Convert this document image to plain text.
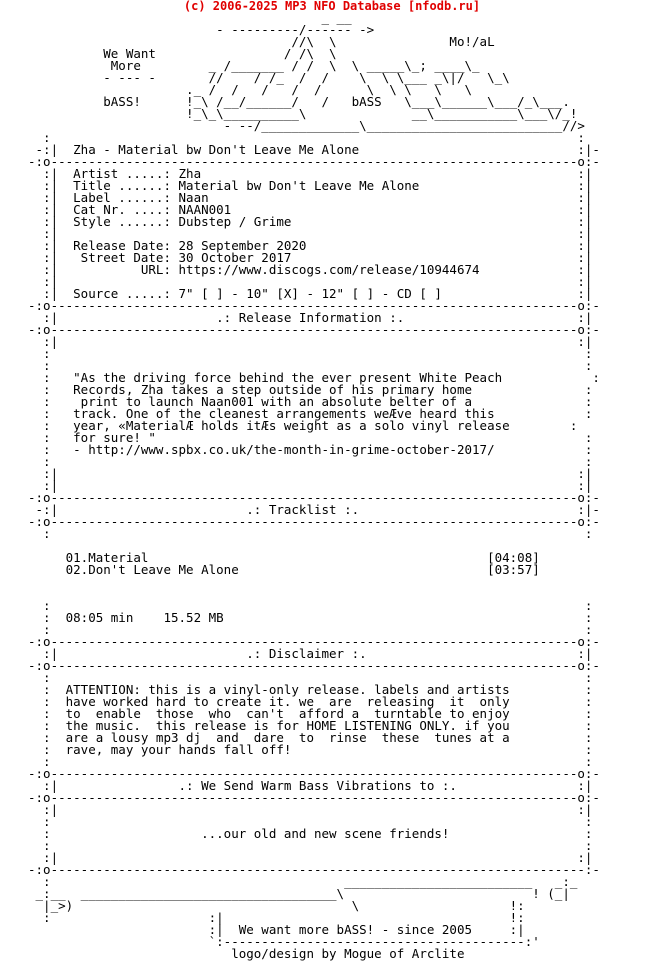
(c) 2006-2025 MP3 NFO Database [nfodb.ru]
_ __
- ---------/------ ->
//\  \               Mo!/aL
We Want                 / /\  \
More         _ /_______ / /  \  \ _____\_; ____\_
- --- -       //    / /_  /  /    \  \ \___ _\|/   \_\
._ /  /   /   /  /      \  \ \   \   \
bASS!      !_\ /__/______/   /   bASS   \___\______\___/_\___.
!_\_\__________\              __\___________\___\/_!
- --/_____________\__________________________//>
:                                                                      :
-:|  Zha - Material bw Don't Leave Me Alone                             :|-
-:o----------------------------------------------------------------------o:-
:|  Artist .....: Zha                                                  :|
:|  Title ......: Material bw Don't Leave Me Alone                     :|
:|  Label ......: Naan                                                 :|
:|  Cat Nr. ....: NAAN001                                              :|
:|  Style ......: Dubstep / Grime                                      :|
:|                                                                     :|
:|  Release Date: 28 September 2020                                    :|
:|   Street Date: 30 October 2017                                      :|
:|           URL: https://www.discogs.com/release/10944674             :|
:|                                                                     :|
:|  Source .....: 7" [ ] - 10" [X] - 12" [ ] - CD [ ]                  :|
-:o----------------------------------------------------------------------o:-
:|                     .: Release Information :.                       :|
-:o----------------------------------------------------------------------o:-
:|                                                                     :|
:                                                                       :
:                                                                       :
:   "As the driving force behind the ever present White Peach            :
:   Records, Zha takes a step outside of his primary home               :
:    print to launch Naan001 with an absolute belter of a               :
:   track. One of the cleanest arrangements weÆve heard this            :
:   year, «MaterialÆ holds itÆs weight as a solo vinyl release        :
:   for sure! "                                                         :
:   - http://www.spbx.co.uk/the-month-in-grime-october-2017/            :
:                                                                       :
:|                                                                     :|
:|                                                                     :|
-:o----------------------------------------------------------------------o:-
-:|                         .: Tracklist :.                             :|-
-:o----------------------------------------------------------------------o:-
:                                                                       :
01.Material                                             [04:08]
02.Don't Leave Me Alone                                 [03:57]
:                                                                       :
:  08:05 min    15.52 MB                                                :
:                                                                       :
-:o----------------------------------------------------------------------o:-
:|                         .: Disclaimer :.                            :|
-:o----------------------------------------------------------------------o:-
:                                                                       :
:  ATTENTION: this is a vinyl-only release. labels and artists          :
:  have worked hard to create it. we  are  releasing  it  only          :
:  to  enable  those  who  can't  afford a  turntable to enjoy          :
:  the music.  this release is for HOME LISTENING ONLY. if you          :
:  are a lousy mp3 dj  and  dare  to  rinse  these  tunes at a          :
:  rave, may your hands fall off!                                       :
:                                                                       :
-:o----------------------------------------------------------------------o:-
:|                .: We Send Warm Bass Vibrations to :.                :|
-:o----------------------------------------------------------------------o:-
:|                                                                     :|
:                                                                       :
:                    ...our old and new scene friends!                  :
:                                                                       :
:|                                                                     :|
-:o-----------------------------------------------------------------------:-
:                                       _________________________   _:_
_:__  __________________________________\                         ! (_|
|_>)                                     \                    !:
:                     :|                                      !:
:|  We want more bASS! - since 2005     :|
`:----------------------------------------:'
logo/design by Mogue of Arclite
